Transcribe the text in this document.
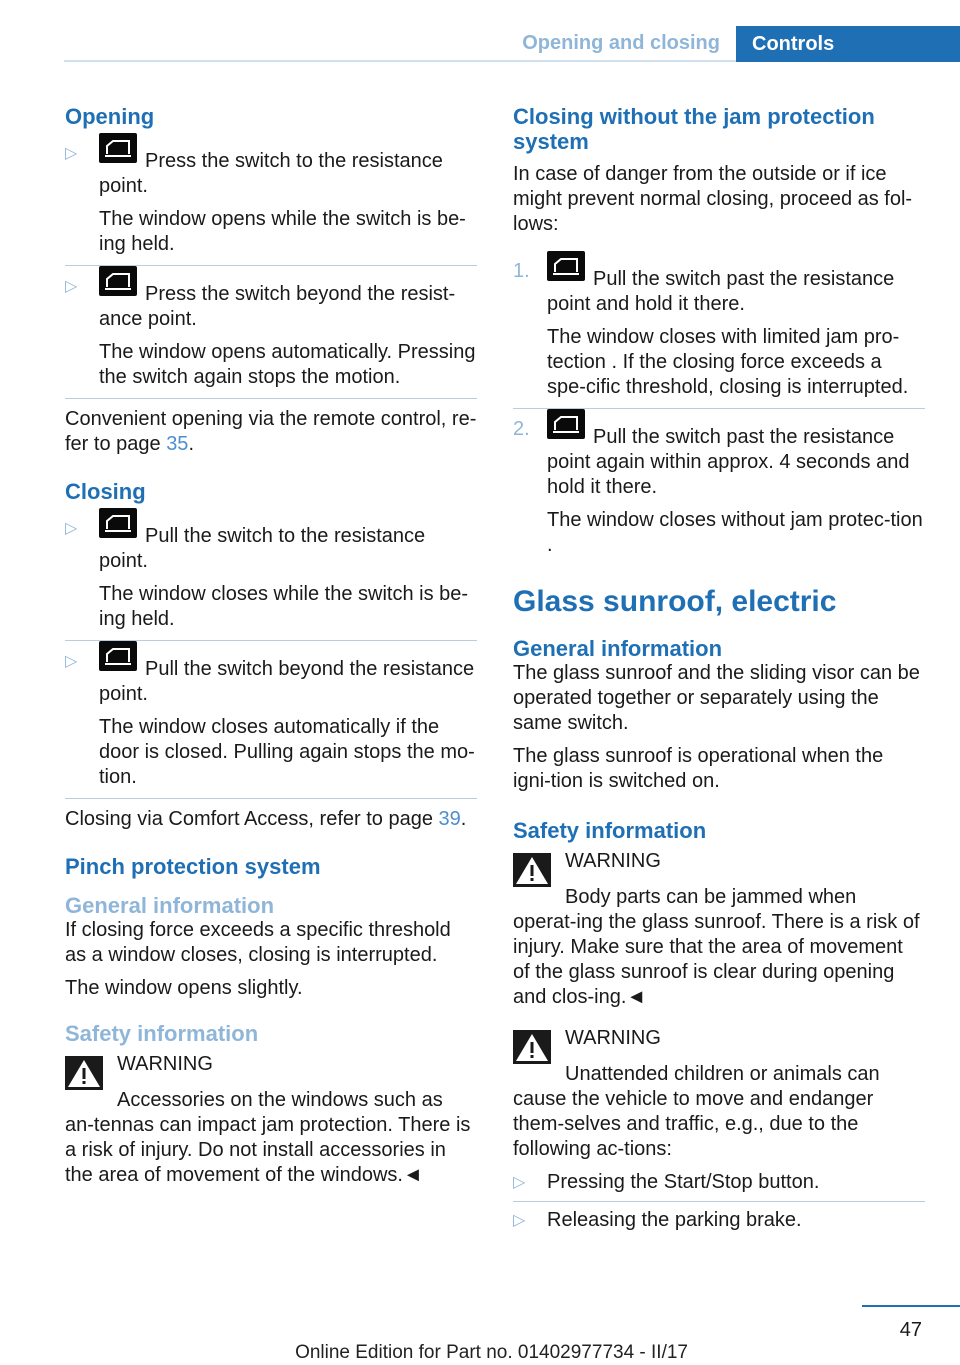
Opening and closing	Controls
Opening
▷	Press the switch to the resistance point.

The window opens while the switch is be-ing held.

▷	Press the switch beyond the resist-ance point.

The window opens automatically. Pressing the switch again stops the motion.

Convenient opening via the remote control, re-fer to page 35.

Closing
▷	Pull the switch to the resistance point.

The window closes while the switch is be-ing held.

▷	Pull the switch beyond the resistance point.

The window closes automatically if the door is closed. Pulling again stops the mo-tion.

Closing via Comfort Access, refer to page 39.

Pinch protection system
General information

If closing force exceeds a specific threshold as a window closes, closing is interrupted.

The window opens slightly.

Safety information
WARNING

Accessories on the windows such as an-tennas can impact jam protection. There is a risk of injury. Do not install accessories in the area of movement of the windows.◄

Closing without the jam protection system

In case of danger from the outside or if ice might prevent normal closing, proceed as fol-lows:

1.	Pull the switch past the resistance point and hold it there.

The window closes with limited jam pro-tection . If the closing force exceeds a spe-cific threshold, closing is interrupted.

2.	Pull the switch past the resistance point again within approx. 4 seconds and hold it there.

The window closes without jam protec-tion .

Glass sunroof, electric
General information

The glass sunroof and the sliding visor can be operated together or separately using the same switch.

The glass sunroof is operational when the igni-tion is switched on.

Safety information
WARNING

Body parts can be jammed when operat-ing the glass sunroof. There is a risk of injury. Make sure that the area of movement of the glass sunroof is clear during opening and clos-ing.◄

WARNING

Unattended children or animals can cause the vehicle to move and endanger them-selves and traffic, e.g., due to the following ac-tions:

▷ Pressing the Start/Stop button.
▷ Releasing the parking brake.
47
Online Edition for Part no. 01402977734 - II/17
